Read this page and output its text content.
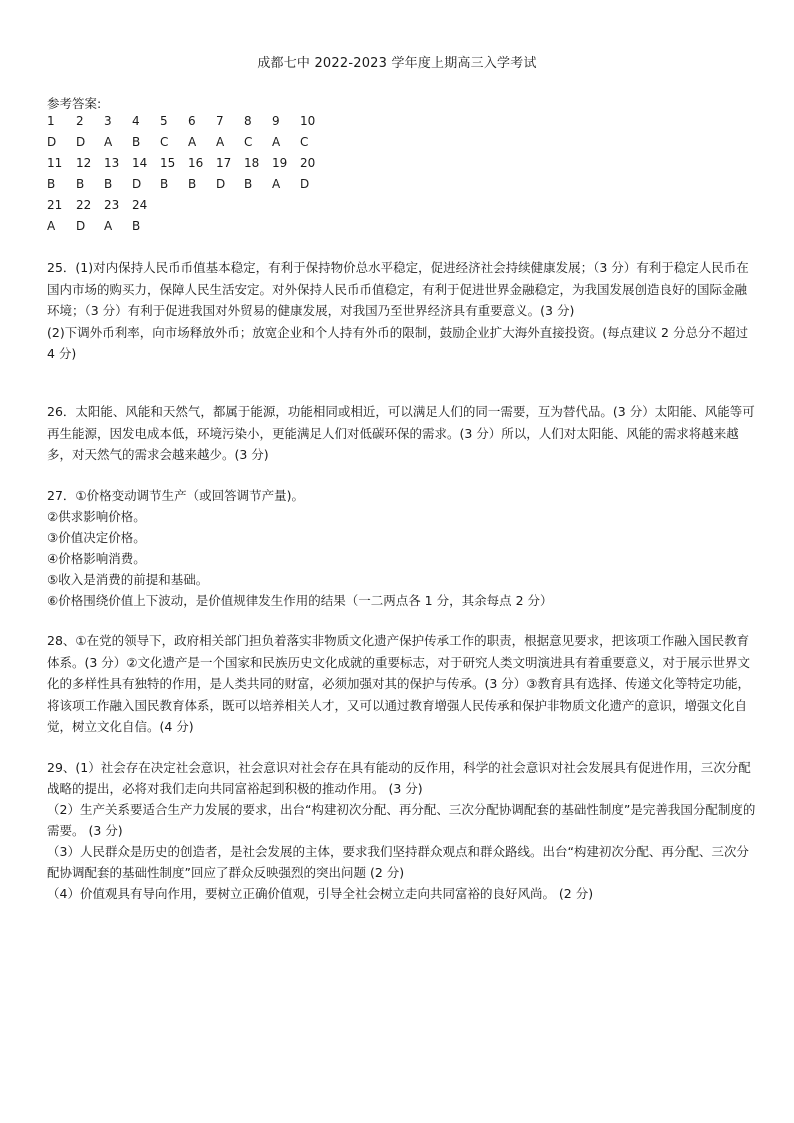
成都七中 2022-2023 学年度上期高三入学考试
参考答案:
1 2 3 4 5 6 7 8 9 10
D D A B C A A C A C
11 12 13 14 15 16 17 18 19 20
B B B D B B D B A D
21 22 23 24
A D A B

25．(1)对内保持人民币币值基本稳定，有利于保持物价总水平稳定，促进经济社会持续健康发展；（3 分）有利于稳定人民币在国内市场的购买力，保障人民生活安定。对外保持人民币币值稳定，有利于促进世界金融稳定，为我国发展创造良好的国际金融环境；（3 分）有利于促进我国对外贸易的健康发展，对我国乃至世界经济具有重要意义。(3 分)

(2)下调外币利率，向市场释放外币；放宽企业和个人持有外币的限制，鼓励企业扩大海外直接投资。(每点建议 2 分总分不超过 4 分)

26．太阳能、风能和天然气，都属于能源，功能相同或相近，可以满足人们的同一需要，互为替代品。(3 分）太阳能、风能等可再生能源，因发电成本低，环境污染小，更能满足人们对低碳环保的需求。(3 分）所以，人们对太阳能、风能的需求将越来越多，对天然气的需求会越来越少。(3 分)

27．①价格变动调节生产（或回答调节产量)。

②供求影响价格。

③价值决定价格。

④价格影响消费。

⑤收入是消费的前提和基础。

⑥价格围绕价值上下波动，是价值规律发生作用的结果（一二两点各 1 分，其余每点 2 分）

28、①在党的领导下，政府相关部门担负着落实非物质文化遗产保护传承工作的职责，根据意见要求，把该项工作融入国民教育体系。(3 分）②文化遗产是一个国家和民族历史文化成就的重要标志，对于研究人类文明演进具有着重要意义，对于展示世界文化的多样性具有独特的作用，是人类共同的财富，必须加强对其的保护与传承。(3 分）③教育具有选择、传递文化等特定功能，将该项工作融入国民教育体系，既可以培养相关人才，又可以通过教育增强人民传承和保护非物质文化遗产的意识，增强文化自觉，树立文化自信。(4 分)

29、(1）社会存在决定社会意识，社会意识对社会存在具有能动的反作用，科学的社会意识对社会发展具有促进作用，三次分配战略的提出，必将对我们走向共同富裕起到积极的推动作用。 (3 分)

（2）生产关系要适合生产力发展的要求，出台“构建初次分配、再分配、三次分配协调配套的基础性制度”是完善我国分配制度的需要。 (3 分)

（3）人民群众是历史的创造者，是社会发展的主体，要求我们坚持群众观点和群众路线。出台“构建初次分配、再分配、三次分配协调配套的基础性制度”回应了群众反映强烈的突出问题 (2 分)

（4）价值观具有导向作用，要树立正确价值观，引导全社会树立走向共同富裕的良好风尚。 (2 分)
